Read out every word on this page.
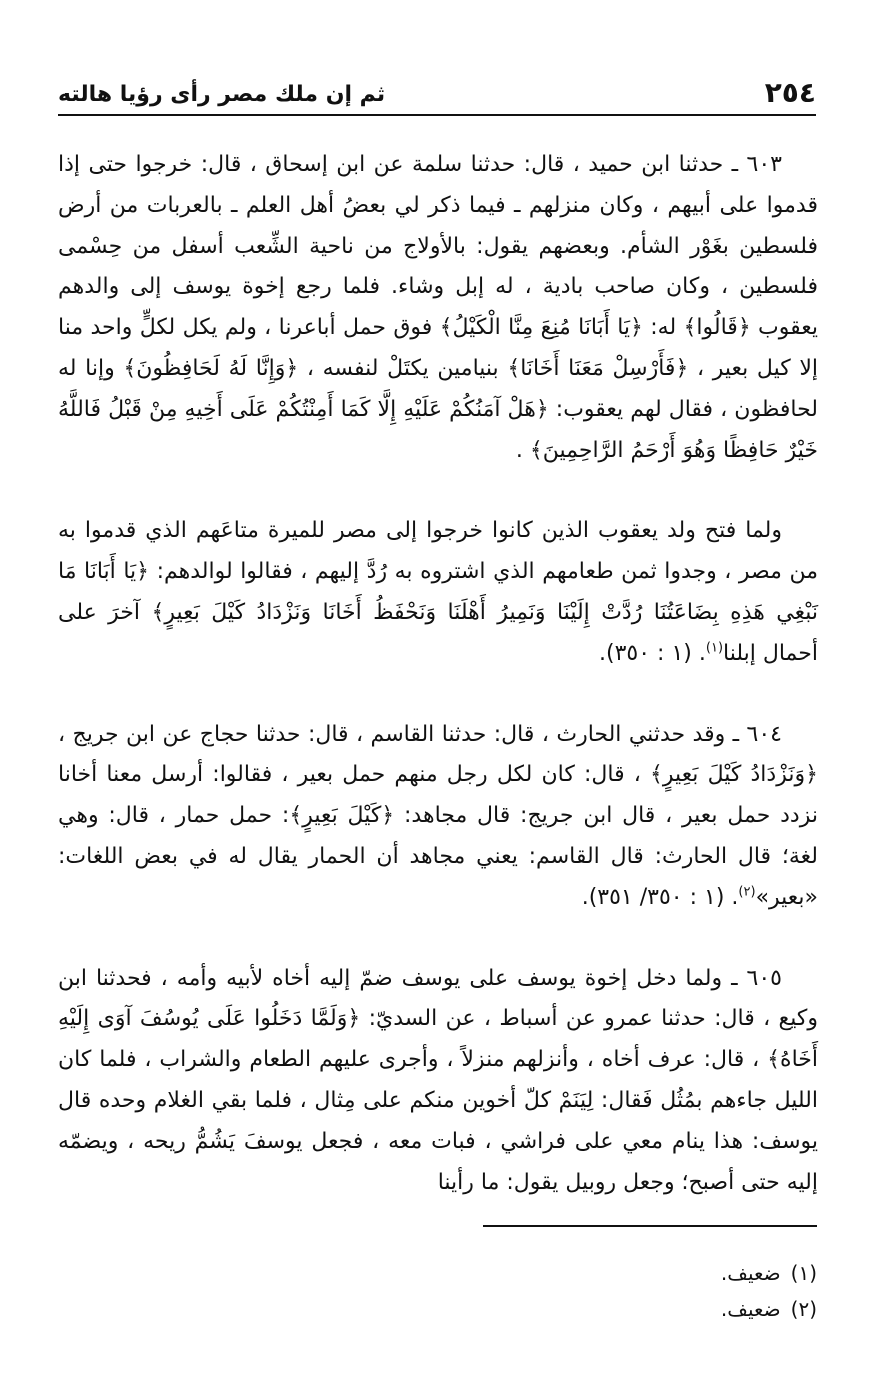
٢٥٤
ثم إن ملك مصر رأى رؤيا هالته

٦٠٣ ـ حدثنا ابن حميد ، قال: حدثنا سلمة عن ابن إسحاق ، قال: خرجوا حتى إذا قدموا على أبيهم ، وكان منزلهم ـ فيما ذكر لي بعضُ أهل العلم ـ بالعربات من أرض فلسطين بغَوْر الشأم. وبعضهم يقول: بالأولاج من ناحية الشِّعب أسفل من حِسْمى فلسطين ، وكان صاحب بادية ، له إبل وشاء. فلما رجع إخوة يوسف إلى والدهم يعقوب ﴿قَالُوا﴾ له: ﴿يَا أَبَانَا مُنِعَ مِنَّا الْكَيْلُ﴾ فوق حمل أباعرنا ، ولم يكل لكلٍّ واحد منا إلا كيل بعير ، ﴿فَأَرْسِلْ مَعَنَا أَخَانَا﴾ بنيامين يكتَلْ لنفسه ، ﴿وَإِنَّا لَهُ لَحَافِظُونَ﴾ وإنا له لحافظون ، فقال لهم يعقوب: ﴿هَلْ آمَنُكُمْ عَلَيْهِ إِلَّا كَمَا أَمِنْتُكُمْ عَلَى أَخِيهِ مِنْ قَبْلُ فَاللَّهُ خَيْرٌ حَافِظًا وَهُوَ أَرْحَمُ الرَّاحِمِينَ﴾ .

ولما فتح ولد يعقوب الذين كانوا خرجوا إلى مصر للميرة متاعَهم الذي قدموا به من مصر ، وجدوا ثمن طعامهم الذي اشتروه به رُدَّ إليهم ، فقالوا لوالدهم: ﴿يَا أَبَانَا مَا نَبْغِي هَذِهِ بِضَاعَتُنَا رُدَّتْ إِلَيْنَا وَنَمِيرُ أَهْلَنَا وَنَحْفَظُ أَخَانَا وَنَزْدَادُ كَيْلَ بَعِيرٍ﴾ آخرَ على أحمال إبلنا$^{(١)}$. (١ : ٣٥٠).

٦٠٤ ـ وقد حدثني الحارث ، قال: حدثنا القاسم ، قال: حدثنا حجاج عن ابن جريج ، ﴿وَنَزْدَادُ كَيْلَ بَعِيرٍ﴾ ، قال: كان لكل رجل منهم حمل بعير ، فقالوا: أرسل معنا أخانا نزدد حمل بعير ، قال ابن جريج: قال مجاهد: ﴿كَيْلَ بَعِيرٍ﴾: حمل حمار ، قال: وهي لغة؛ قال الحارث: قال القاسم: يعني مجاهد أن الحمار يقال له في بعض اللغات: «بعير»$^{(٢)}$. (١ : ٣٥٠/ ٣٥١).

٦٠٥ ـ ولما دخل إخوة يوسف على يوسف ضمّ إليه أخاه لأبيه وأمه ، فحدثنا ابن وكيع ، قال: حدثنا عمرو عن أسباط ، عن السديّ: ﴿وَلَمَّا دَخَلُوا عَلَى يُوسُفَ آوَى إِلَيْهِ أَخَاهُ﴾ ، قال: عرف أخاه ، وأنزلهم منزلاً ، وأجرى عليهم الطعام والشراب ، فلما كان الليل جاءهم بمُثُل فَقال: لِيَنَمْ كلّ أخوين منكم على مِثال ، فلما بقي الغلام وحده قال يوسف: هذا ينام معي على فراشي ، فبات معه ، فجعل يوسفَ يَشُمُّ ريحه ، ويضمّه إليه حتى أصبح؛ وجعل روبيل يقول: ما رأينا

(١)ضعيف.

(٢)ضعيف.
